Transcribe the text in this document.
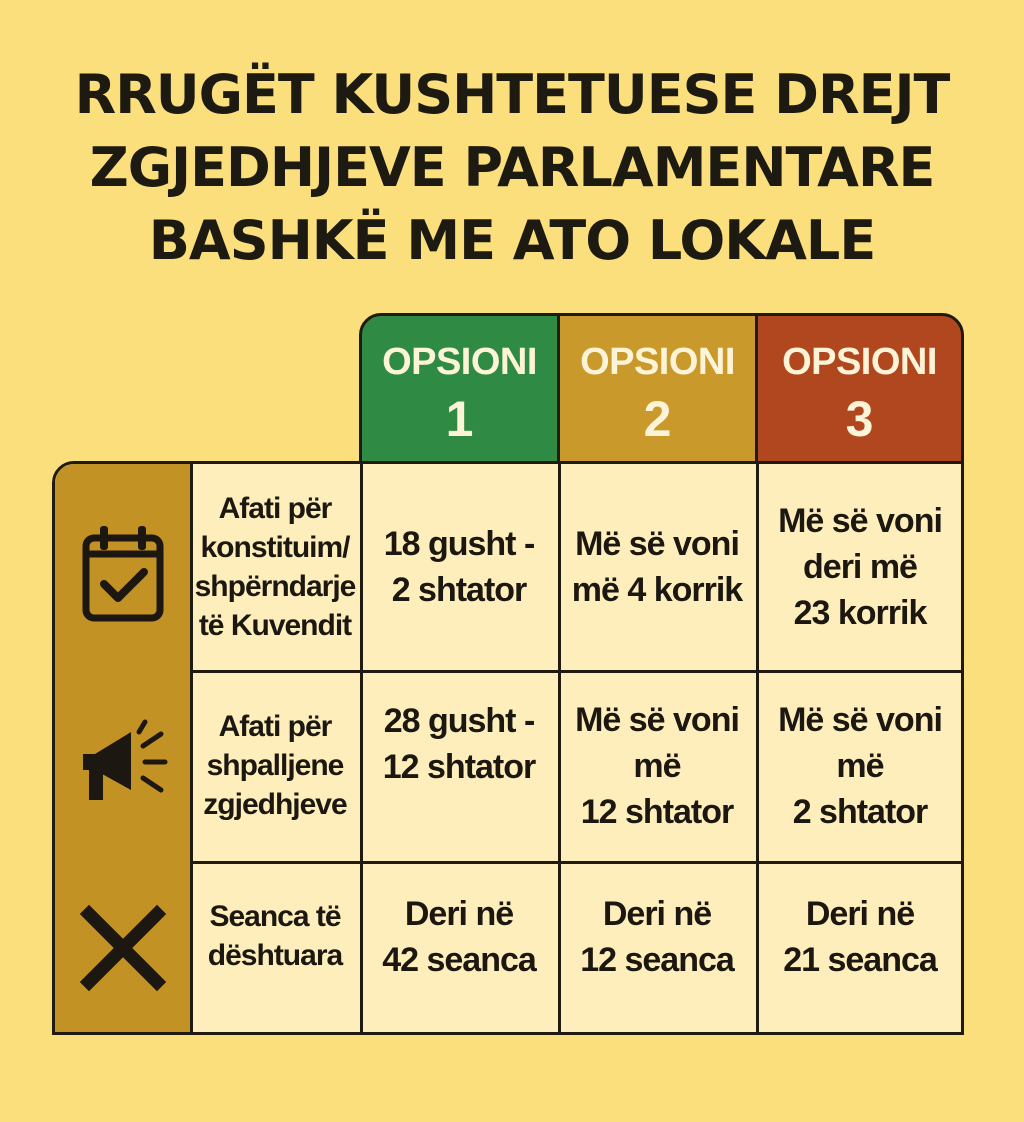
RRUGËT KUSHTETUESE DREJT
ZGJEDHJEVE PARLAMENTARE
BASHKË ME ATO LOKALE
OPSIONI
1
OPSIONI
2
OPSIONI
3
Afati për
konstituim/
shpërndarje
të Kuvendit
18 gusht -
2 shtator
Më së voni
më 4 korrik
Më së voni
deri më
23 korrik
Afati për
shpalljene
zgjedhjeve
28 gusht -
12 shtator
Më së voni
më
12 shtator
Më së voni
më
2 shtator
Seanca të
dështuara
Deri në
42 seanca
Deri në
12 seanca
Deri në
21 seanca
